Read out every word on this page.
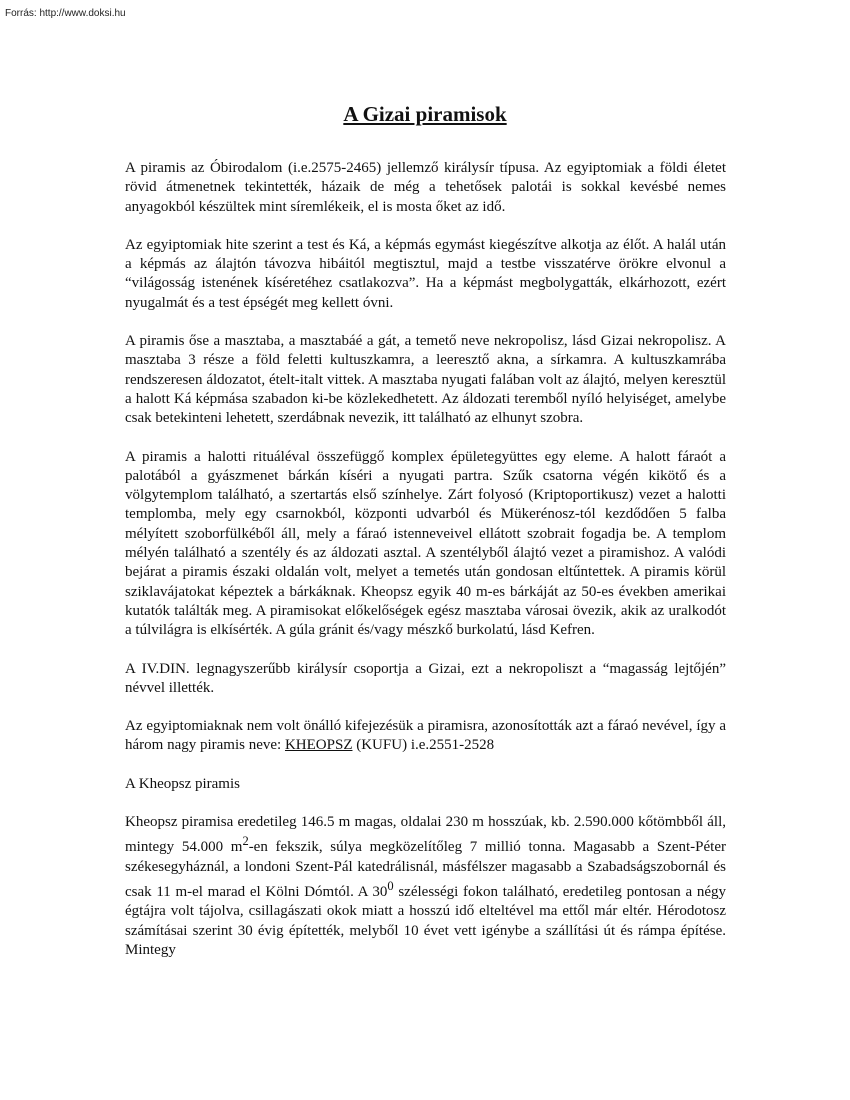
Forrás: http://www.doksi.hu

A Gizai piramisok

A piramis az Óbirodalom (i.e.2575-2465) jellemző királysír típusa. Az egyiptomiak a földi életet rövid átmenetnek tekintették, házaik de még a tehetősek palotái is sokkal kevésbé nemes anyagokból készültek mint síremlékeik, el is mosta őket az idő.

Az egyiptomiak hite szerint a test és Ká, a képmás egymást kiegészítve alkotja az élőt. A halál után a képmás az álajtón távozva hibáitól megtisztul, majd a testbe visszatérve örökre elvonul a “világosság istenének kíséretéhez csatlakozva”. Ha a képmást megbolygatták, elkárhozott, ezért nyugalmát és a test épségét meg kellett óvni.

A piramis őse a masztaba, a masztabáé a gát, a temető neve nekropolisz, lásd Gizai nekropolisz. A masztaba 3 része a föld feletti kultuszkamra, a leeresztő akna, a sírkamra. A kultuszkamrába rendszeresen áldozatot, ételt-italt vittek. A masztaba nyugati falában volt az álajtó, melyen keresztül a halott Ká képmása szabadon ki-be közlekedhetett. Az áldozati teremből nyíló helyiséget, amelybe csak betekinteni lehetett, szerdábnak nevezik, itt található az elhunyt szobra.

A piramis a halotti rituáléval összefüggő komplex épületegyüttes egy eleme. A halott fáraót a palotából a gyászmenet bárkán kíséri a nyugati partra. Szűk csatorna végén kikötő és a völgytemplom található, a szertartás első színhelye. Zárt folyosó (Kriptoportikusz) vezet a halotti templomba, mely egy csarnokból, központi udvarból és Mükerénosz-tól kezdődően 5 falba mélyített szoborfülkéből áll, mely a fáraó istenneveivel ellátott szobrait fogadja be. A templom mélyén található a szentély és az áldozati asztal. A szentélyből álajtó vezet a piramishoz. A valódi bejárat a piramis északi oldalán volt, melyet a temetés után gondosan eltűntettek. A piramis körül sziklavájatokat képeztek a bárkáknak. Kheopsz egyik 40 m-es bárkáját az 50-es években amerikai kutatók találták meg. A piramisokat előkelőségek egész masztaba városai övezik, akik az uralkodót a túlvilágra is elkísérték. A gúla gránit és/vagy mészkő burkolatú, lásd Kefren.

A IV.DIN. legnagyszerűbb királysír csoportja a Gizai, ezt a nekropoliszt a “magasság lejtőjén” névvel illették.

Az egyiptomiaknak nem volt önálló kifejezésük a piramisra, azonosították azt a fáraó nevével, így a három nagy piramis neve: KHEOPSZ (KUFU) i.e.2551-2528

A Kheopsz piramis

Kheopsz piramisa eredetileg 146.5 m magas, oldalai 230 m hosszúak, kb. 2.590.000 kőtömbből áll, mintegy 54.000 $m^2-en$ fekszik, súlya megközelítőleg 7 millió tonna. Magasabb a Szent-Péter székesegyháznál, a londoni Szent-Pál katedrálisnál, másfélszer magasabb a Szabadságszobornál és csak 11 m-el marad el Kölni Dómtól. A $30^0$ szélességi fokon található, eredetileg pontosan a négy égtájra volt tájolva, csillagászati okok miatt a hosszú idő elteltével ma ettől már eltér. Hérodotosz számításai szerint 30 évig építették, melyből 10 évet vett igénybe a szállítási út és rámpa építése. Mintegy
